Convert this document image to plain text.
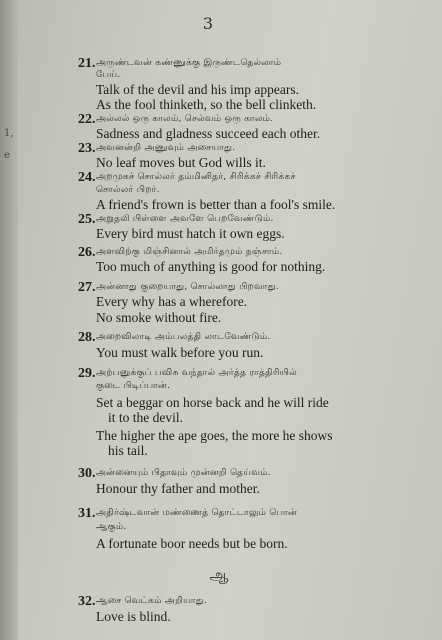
1,
e
3
21. அருண்டவன் கண்ணுக்கு இருண்டதெல்லாம்
பேய்.
Talk of the devil and his imp appears.
As the fool thinketh, so the bell clinketh.
22. அல்லல் ஒரு காலம், செல்வம் ஒரு காலம்.
Sadness and gladness succeed each other.
23. அவனன்றி அணுவும் அசையாது.
No leaf moves but God wills it.
24. அறமுகச் சொல்லர் தம்மினிதர், சிரிக்கச் சிரிக்கச்
சொல்லர் பிறர்.
A friend's frown is better than a fool's smile.
25. அறுதலி பிள்ளை அவளே பெறவேண்டும்.
Every bird must hatch it own eggs.
26. அளவிற்கு மிஞ்சினால் அமிர்தமும் நஞ்சாம்.
Too much of anything is good for nothing.
27. அன்னாது குறையாது, சொல்லாது பிறவாது.
Every why has a wherefore.
No smoke without fire.
28. அறைவிலாடி அம்பலத்தி லாடவேண்டும்.
You must walk before you run.
29. அற்பனுக்குப் பவிசு வந்தால் அர்த்த ராத்திரியில்
குடை பிடிப்பான்.
Set a beggar on horse back and he will ride
it to the devil.
The higher the ape goes, the more he shows
his tail.
30. அன்னையும் பிதாவும் முன்னறி தெய்வம்.
Honour thy father and mother.
31. அதிர்ஷ்டவான் மண்ணைத் தொட்டாலும் பொன்
ஆகும்.
A fortunate boor needs but be born.
ஆ
32. ஆசை வெட்கம் அறியாது.
Love is blind.
